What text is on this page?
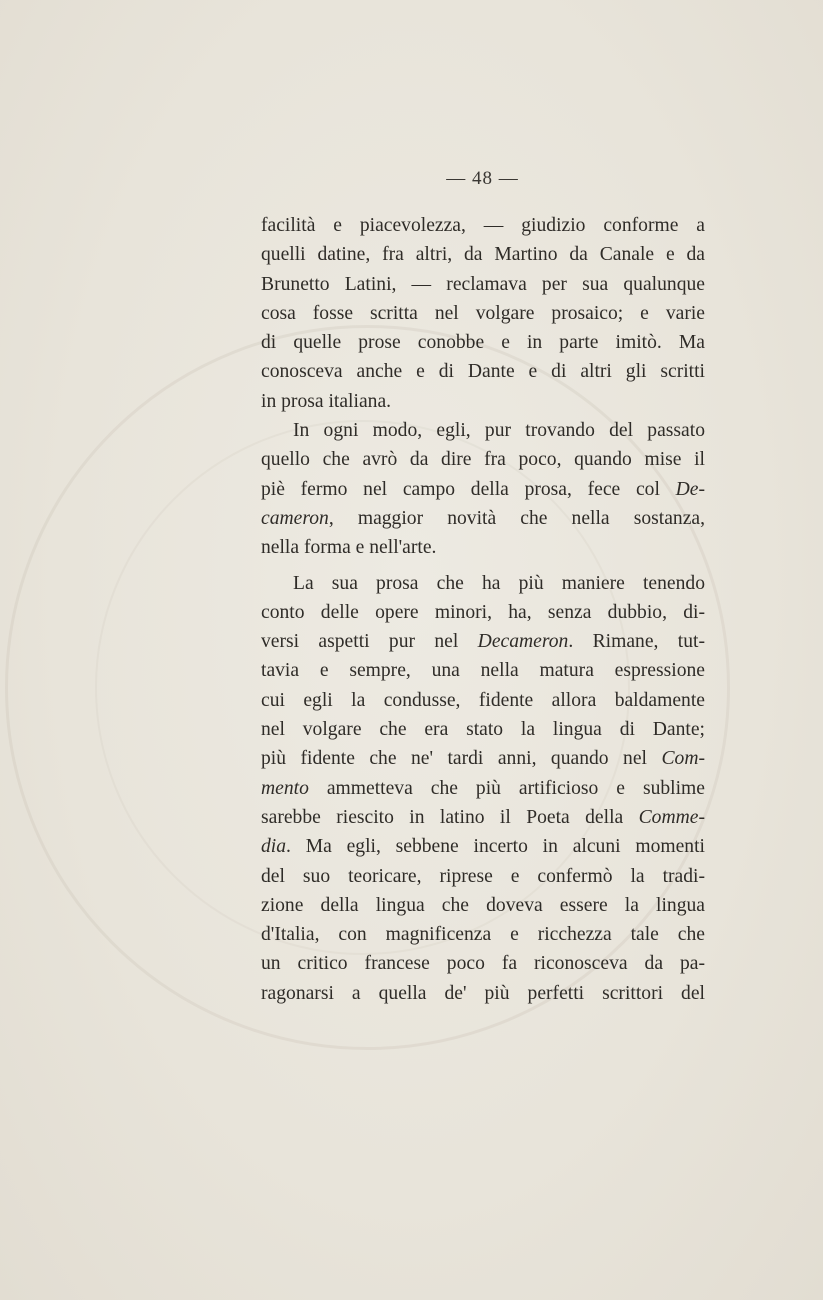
— 48 —
facilità e piacevolezza, — giudizio conforme a
quelli datine, fra altri, da Martino da Canale e da
Brunetto Latini, — reclamava per sua qualunque
cosa fosse scritta nel volgare prosaico; e varie
di quelle prose conobbe e in parte imitò. Ma
conosceva anche e di Dante e di altri gli scritti
in prosa italiana.
In ogni modo, egli, pur trovando del passato
quello che avrò da dire fra poco, quando mise il
piè fermo nel campo della prosa, fece col De-
cameron, maggior novità che nella sostanza,
nella forma e nell'arte.
La sua prosa che ha più maniere tenendo
conto delle opere minori, ha, senza dubbio, di-
versi aspetti pur nel Decameron. Rimane, tut-
tavia e sempre, una nella matura espressione
cui egli la condusse, fidente allora baldamente
nel volgare che era stato la lingua di Dante;
più fidente che ne' tardi anni, quando nel Com-
mento ammetteva che più artificioso e sublime
sarebbe riescito in latino il Poeta della Comme-
dia. Ma egli, sebbene incerto in alcuni momenti
del suo teoricare, riprese e confermò la tradi-
zione della lingua che doveva essere la lingua
d'Italia, con magnificenza e ricchezza tale che
un critico francese poco fa riconosceva da pa-
ragonarsi a quella de' più perfetti scrittori del
